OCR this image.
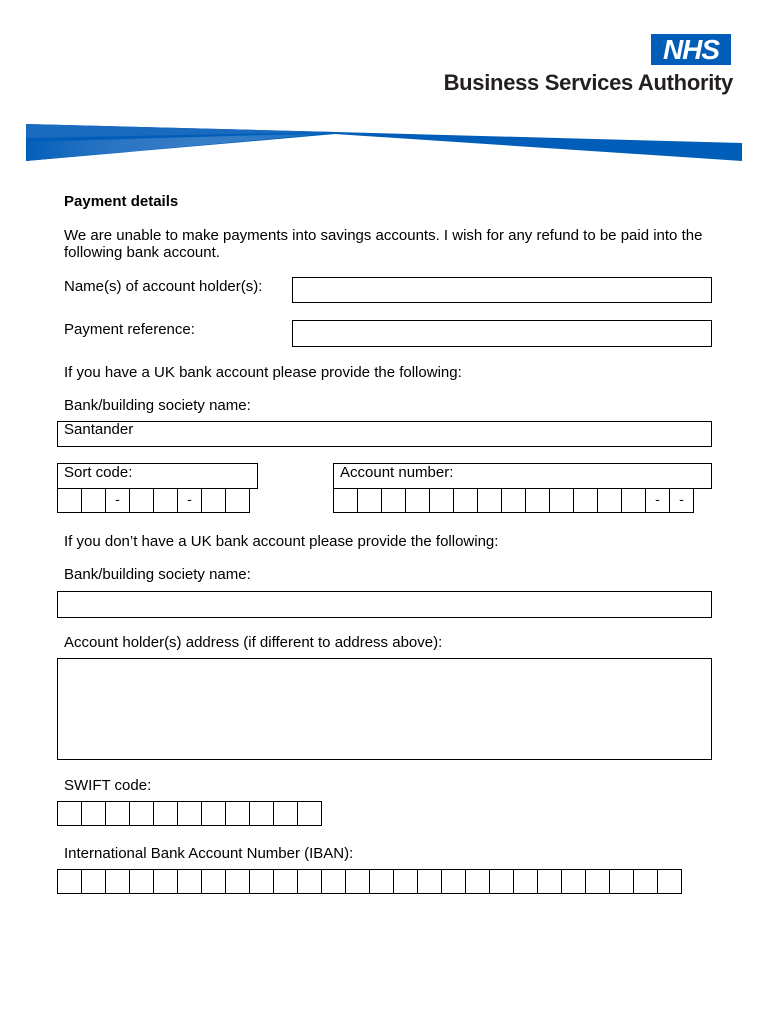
NHS
Business Services Authority
Payment details
We are unable to make payments into savings accounts. I wish for any refund to be paid into the following bank account.
Name(s) of account holder(s):
Payment reference:
If you have a UK bank account please provide the following:
Bank/building society name:
Santander
Sort code:
-	-
Account number:
-	-
If you don’t have a UK bank account please provide the following:
Bank/building society name:
Account holder(s) address (if different to address above):
SWIFT code:
International Bank Account Number (IBAN):
